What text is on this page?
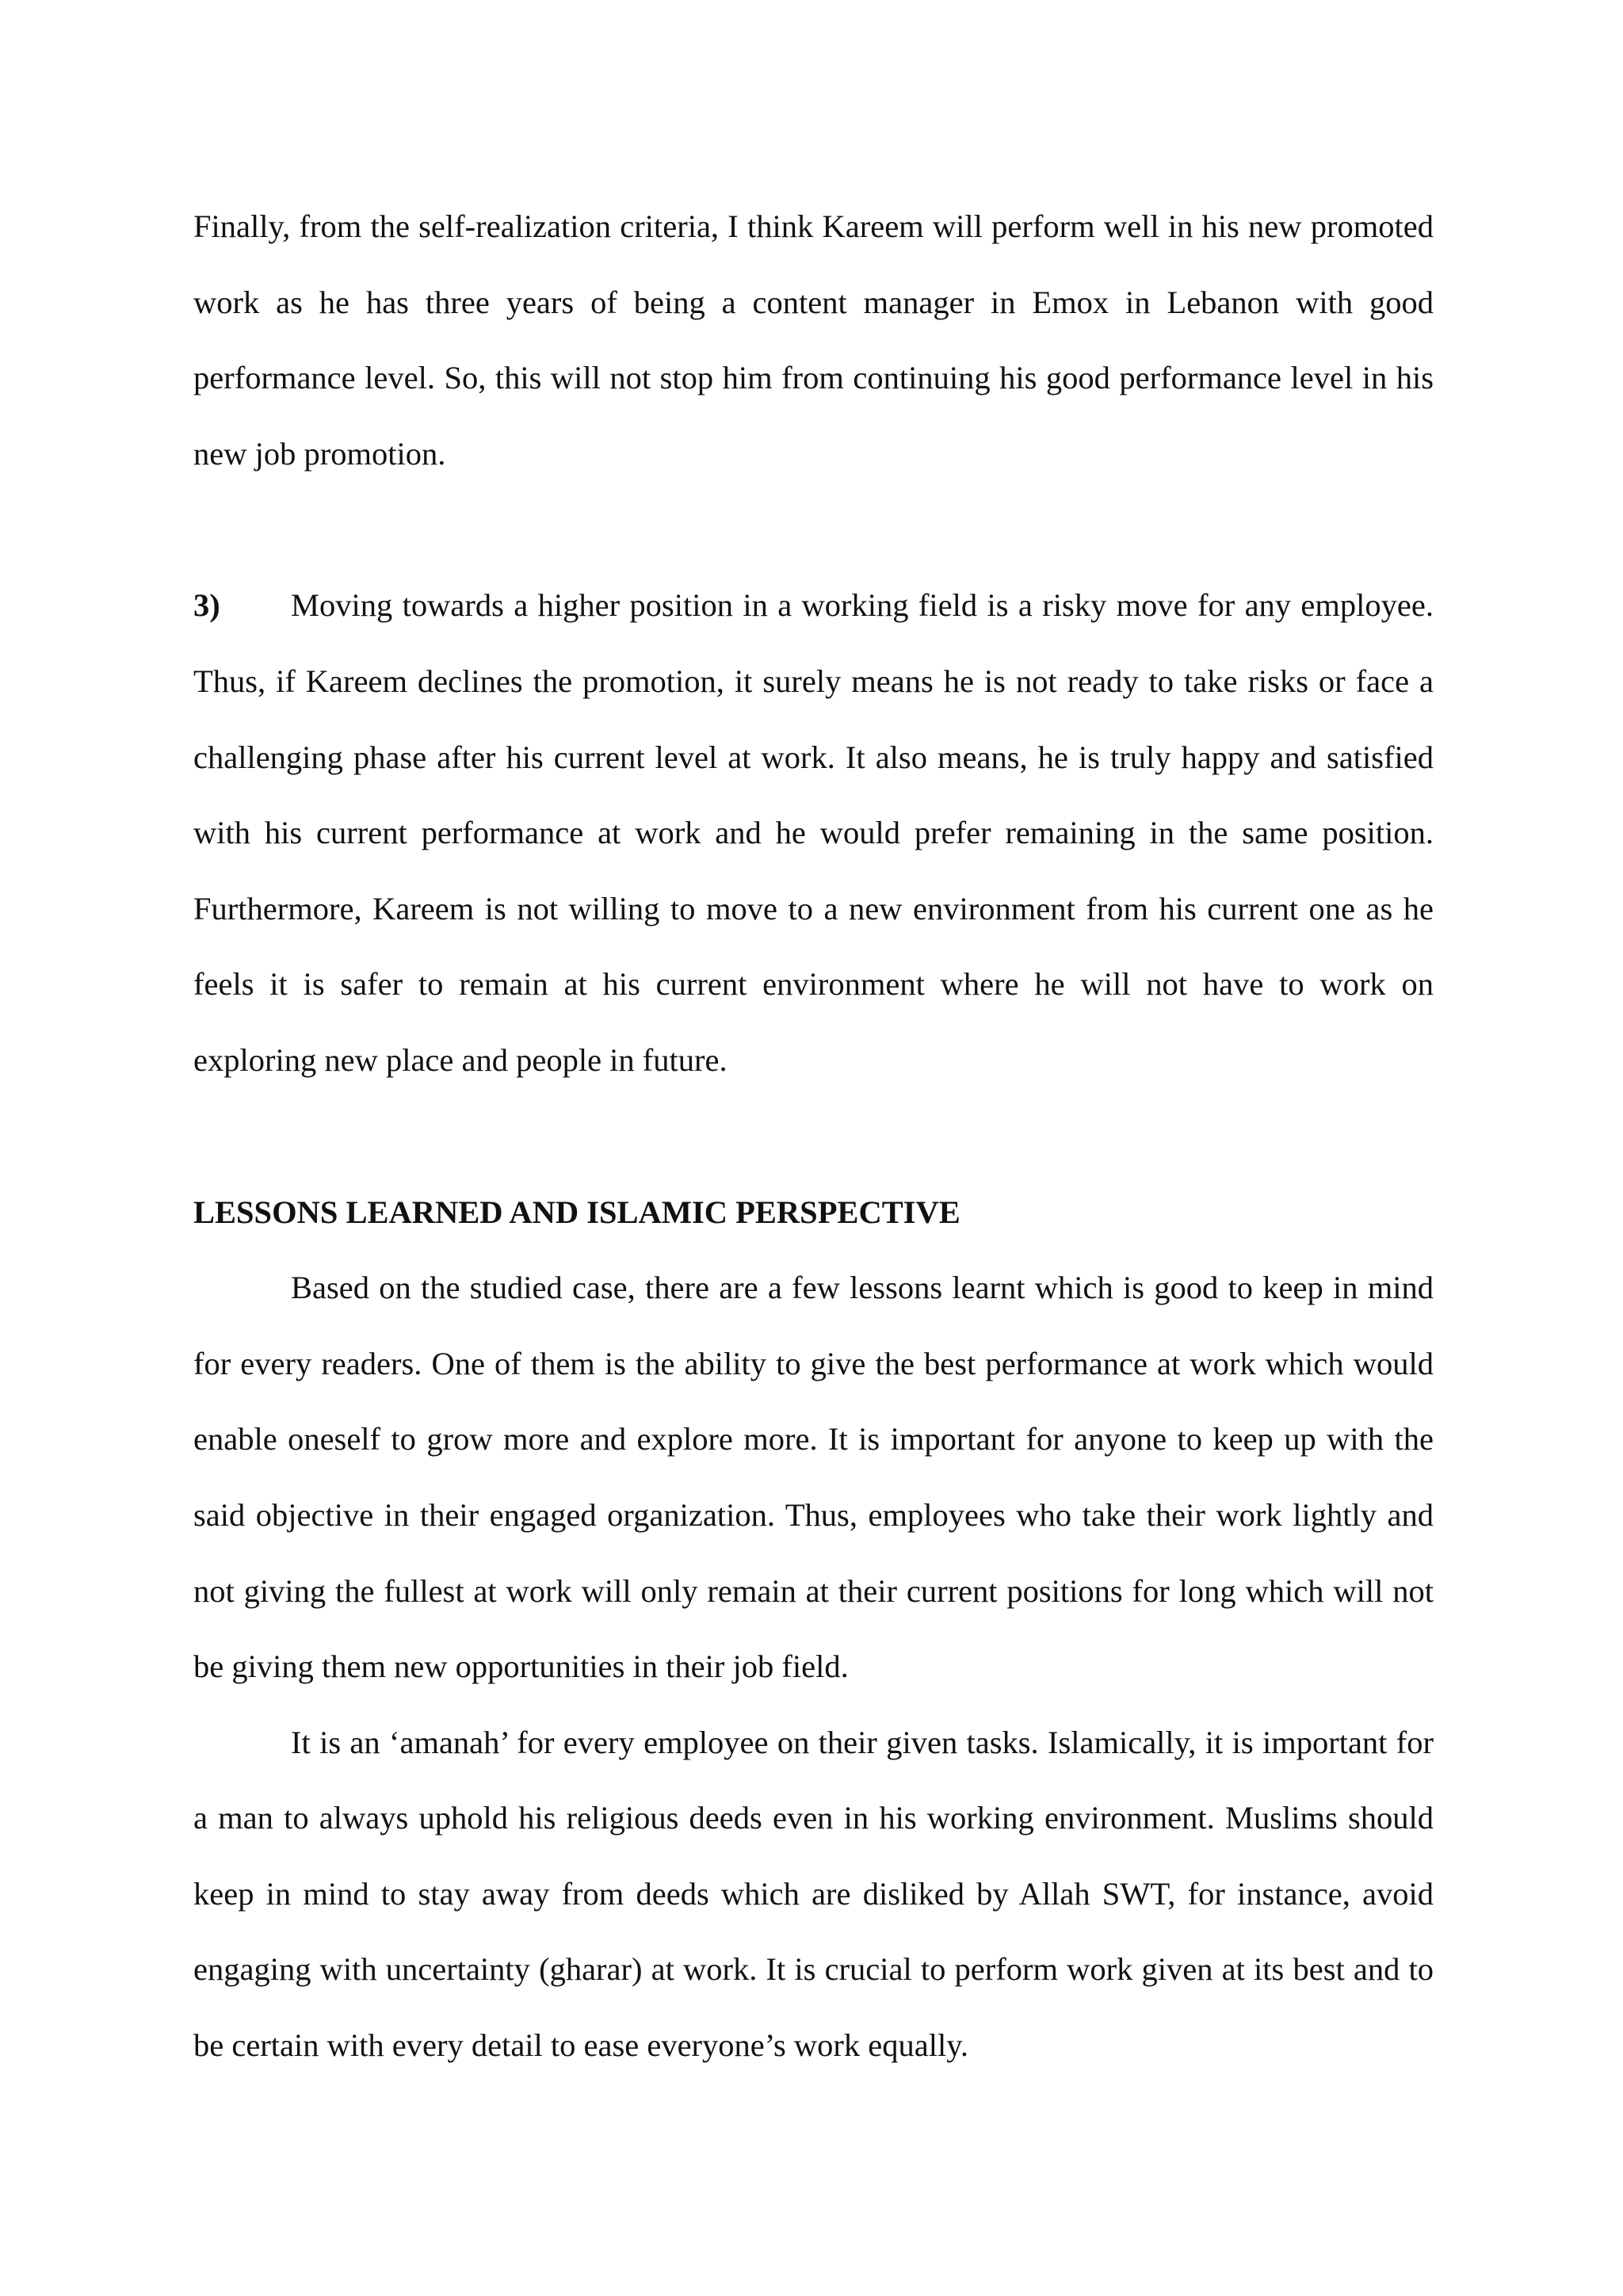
Finally, from the self-realization criteria, I think Kareem will perform well in his new promoted work as he has three years of being a content manager in Emox in Lebanon with good performance level. So, this will not stop him from continuing his good performance level in his new job promotion.

3) Moving towards a higher position in a working field is a risky move for any employee. Thus, if Kareem declines the promotion, it surely means he is not ready to take risks or face a challenging phase after his current level at work. It also means, he is truly happy and satisfied with his current performance at work and he would prefer remaining in the same position. Furthermore, Kareem is not willing to move to a new environment from his current one as he feels it is safer to remain at his current environment where he will not have to work on exploring new place and people in future.

LESSONS LEARNED AND ISLAMIC PERSPECTIVE

Based on the studied case, there are a few lessons learnt which is good to keep in mind for every readers. One of them is the ability to give the best performance at work which would enable oneself to grow more and explore more. It is important for anyone to keep up with the said objective in their engaged organization. Thus, employees who take their work lightly and not giving the fullest at work will only remain at their current positions for long which will not be giving them new opportunities in their job field.

It is an ‘amanah’ for every employee on their given tasks. Islamically, it is important for a man to always uphold his religious deeds even in his working environment. Muslims should keep in mind to stay away from deeds which are disliked by Allah SWT, for instance, avoid engaging with uncertainty (gharar) at work. It is crucial to perform work given at its best and to be certain with every detail to ease everyone’s work equally.
